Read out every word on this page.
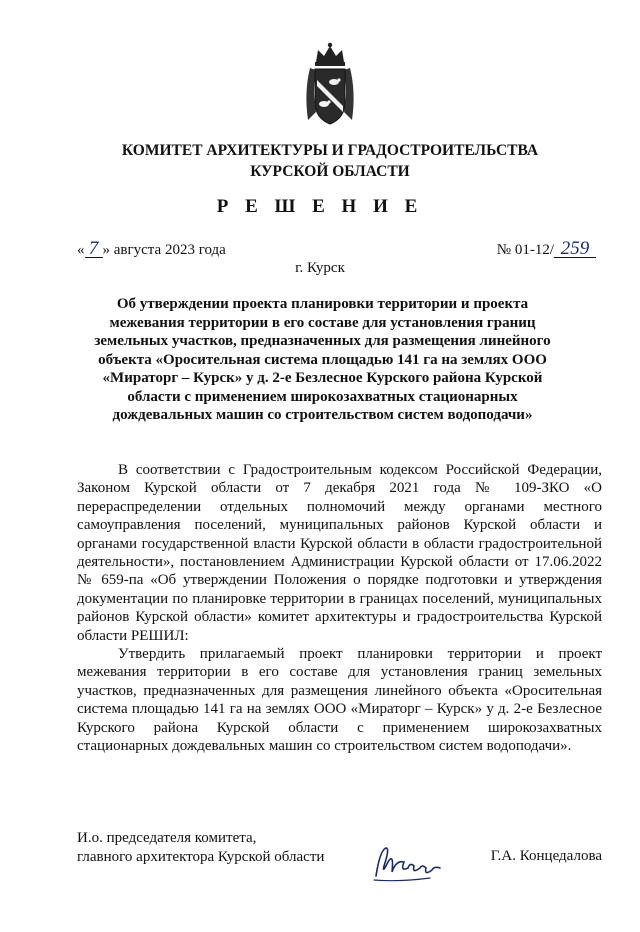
КОМИТЕТ АРХИТЕКТУРЫ И ГРАДОСТРОИТЕЛЬСТВА
КУРСКОЙ ОБЛАСТИ
Р Е Ш Е Н И Е
« 7 » августа 2023 года	№ 01-12/ 259
г. Курск
Об утверждении проекта планировки территории и проекта межевания территории в его составе для установления границ земельных участков, предназначенных для размещения линейного объекта «Оросительная система площадью 141 га на землях ООО «Мираторг – Курск» у д. 2-е Безлесное Курского района Курской области с применением широкозахватных стационарных дождевальных машин со строительством систем водоподачи»

В соответствии с Градостроительным кодексом Российской Федерации, Законом Курской области от 7 декабря 2021 года № 109-ЗКО «О перераспределении отдельных полномочий между органами местного самоуправления поселений, муниципальных районов Курской области и органами государственной власти Курской области в области градостроительной деятельности», постановлением Администрации Курской области от 17.06.2022 № 659-па «Об утверждении Положения о порядке подготовки и утверждения документации по планировке территории в границах поселений, муниципальных районов Курской области» комитет архитектуры и градостроительства Курской области РЕШИЛ:

Утвердить прилагаемый проект планировки территории и проект межевания территории в его составе для установления границ земельных участков, предназначенных для размещения линейного объекта «Оросительная система площадью 141 га на землях ООО «Мираторг – Курск» у д. 2-е Безлесное Курского района Курской области с применением широкозахватных стационарных дождевальных машин со строительством систем водоподачи».

И.о. председателя комитета,
главного архитектора Курской области	Г.А. Концедалова
